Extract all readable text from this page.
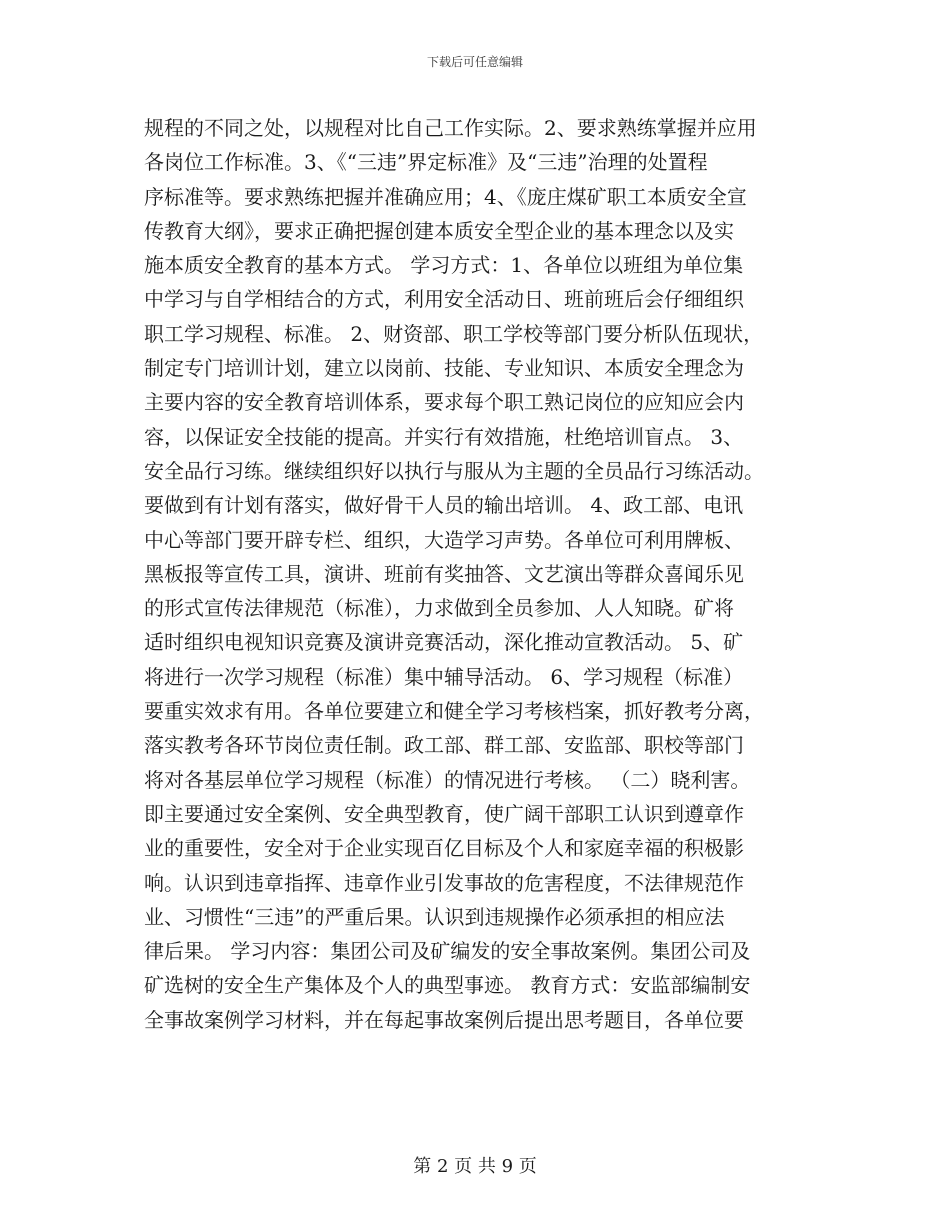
下载后可任意编辑
规程的不同之处，以规程对比自己工作实际。2、要求熟练掌握并应用
各岗位工作标准。3、《“三违”界定标准》及“三违”治理的处置程
序标准等。要求熟练把握并准确应用；4、《庞庄煤矿职工本质安全宣
传教育大纲》，要求正确把握创建本质安全型企业的基本理念以及实
施本质安全教育的基本方式。 学习方式：1、各单位以班组为单位集
中学习与自学相结合的方式，利用安全活动日、班前班后会仔细组织
职工学习规程、标准。 2、财资部、职工学校等部门要分析队伍现状，
制定专门培训计划，建立以岗前、技能、专业知识、本质安全理念为
主要内容的安全教育培训体系，要求每个职工熟记岗位的应知应会内
容，以保证安全技能的提高。并实行有效措施，杜绝培训盲点。 3、
安全品行习练。继续组织好以执行与服从为主题的全员品行习练活动。
要做到有计划有落实，做好骨干人员的输出培训。 4、政工部、电讯
中心等部门要开辟专栏、组织，大造学习声势。各单位可利用牌板、
黑板报等宣传工具，演讲、班前有奖抽答、文艺演出等群众喜闻乐见
的形式宣传法律规范（标准），力求做到全员参加、人人知晓。矿将
适时组织电视知识竞赛及演讲竞赛活动，深化推动宣教活动。 5、矿
将进行一次学习规程（标准）集中辅导活动。 6、学习规程（标准）
要重实效求有用。各单位要建立和健全学习考核档案，抓好教考分离，
落实教考各环节岗位责任制。政工部、群工部、安监部、职校等部门
将对各基层单位学习规程（标准）的情况进行考核。 （二）晓利害。
即主要通过安全案例、安全典型教育，使广阔干部职工认识到遵章作
业的重要性，安全对于企业实现百亿目标及个人和家庭幸福的积极影
响。认识到违章指挥、违章作业引发事故的危害程度，不法律规范作
业、习惯性“三违”的严重后果。认识到违规操作必须承担的相应法
律后果。 学习内容：集团公司及矿编发的安全事故案例。集团公司及
矿选树的安全生产集体及个人的典型事迹。 教育方式：安监部编制安
全事故案例学习材料，并在每起事故案例后提出思考题目，各单位要
第 2 页 共 9 页
